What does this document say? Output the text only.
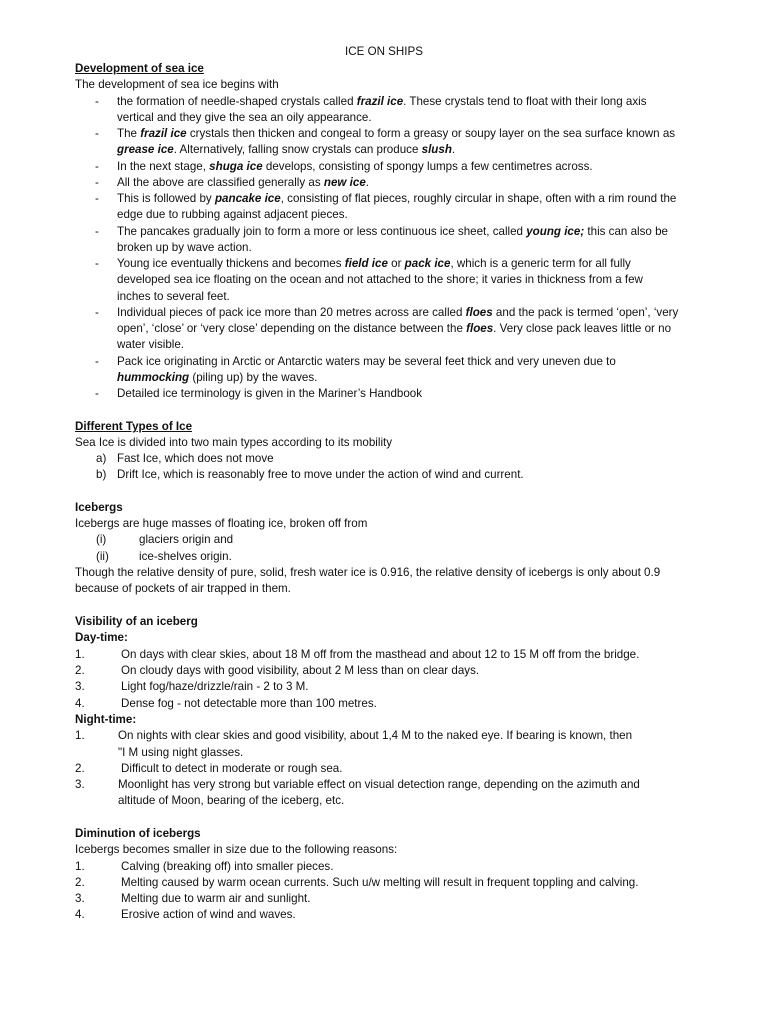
ICE ON SHIPS
Development of sea ice
The development of sea ice begins with
- the formation of needle-shaped crystals called frazil ice. These crystals tend to float with their long axis
vertical and they give the sea an oily appearance.
- The frazil ice crystals then thicken and congeal to form a greasy or soupy layer on the sea surface known as
grease ice. Alternatively, falling snow crystals can produce slush.
- In the next stage, shuga ice develops, consisting of spongy lumps a few centimetres across.
- All the above are classified generally as new ice.
- This is followed by pancake ice, consisting of flat pieces, roughly circular in shape, often with a rim round the
edge due to rubbing against adjacent pieces.
- The pancakes gradually join to form a more or less continuous ice sheet, called young ice; this can also be
broken up by wave action.
- Young ice eventually thickens and becomes field ice or pack ice, which is a generic term for all fully
developed sea ice floating on the ocean and not attached to the shore; it varies in thickness from a few
inches to several feet.
- Individual pieces of pack ice more than 20 metres across are called floes and the pack is termed ‘open’, ‘very
open’, ‘close’ or ‘very close’ depending on the distance between the floes. Very close pack leaves little or no
water visible.
- Pack ice originating in Arctic or Antarctic waters may be several feet thick and very uneven due to
hummocking (piling up) by the waves.
- Detailed ice terminology is given in the Mariner’s Handbook
Different Types of Ice
Sea Ice is divided into two main types according to its mobility
a) Fast Ice, which does not move
b) Drift Ice, which is reasonably free to move under the action of wind and current.
Icebergs
Icebergs are huge masses of floating ice, broken off from
(i)	glaciers origin and
(ii)	ice-shelves origin.
Though the relative density of pure, solid, fresh water ice is 0.916, the relative density of icebergs is only about 0.9
because of pockets of air trapped in them.
Visibility of an iceberg
Day-time:
1.	On days with clear skies, about 18 M off from the masthead and about 12 to 15 M off from the bridge.
2.	On cloudy days with good visibility, about 2 M less than on clear days.
3.	Light fog/haze/drizzle/rain - 2 to 3 M.
4.	Dense fog - not detectable more than 100 metres.
Night-time:
1.	On nights with clear skies and good visibility, about 1,4 M to the naked eye. If bearing is known, then
"I M using night glasses.
2.	Difficult to detect in moderate or rough sea.
3.	Moonlight has very strong but variable effect on visual detection range, depending on the azimuth and
altitude of Moon, bearing of the iceberg, etc.
Diminution of icebergs
Icebergs becomes smaller in size due to the following reasons:
1.	Calving (breaking off) into smaller pieces.
2.	Melting caused by warm ocean currents. Such u/w melting will result in frequent toppling and calving.
3.	Melting due to warm air and sunlight.
4.	Erosive action of wind and waves.
